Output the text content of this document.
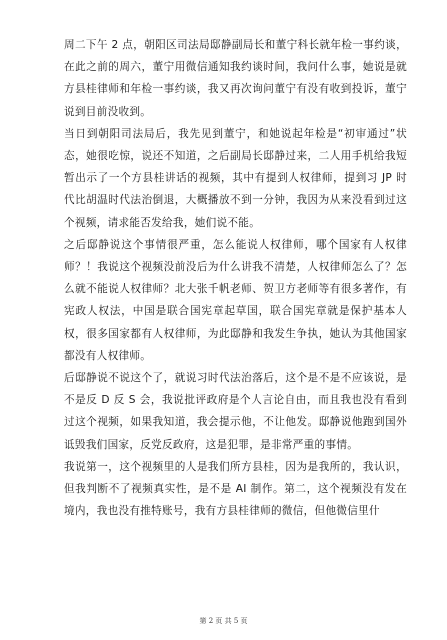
周二下午 2 点，朝阳区司法局邸静副局长和董宁科长就年检一事约谈，在此之前的周六，董宁用微信通知我约谈时间，我问什么事，她说是就方县桂律师和年检一事约谈，我又再次询问董宁有没有收到投诉，董宁说到目前没收到。

当日到朝阳司法局后，我先见到董宁，和她说起年检是“初审通过”状态，她很吃惊，说还不知道，之后副局长邸静过来，二人用手机给我短暂出示了一个方县桂讲话的视频，其中有提到人权律师，提到习 JP 时代比胡温时代法治倒退，大概播放不到一分钟，我因为从来没看到过这个视频，请求能否发给我，她们说不能。

之后邸静说这个事情很严重，怎么能说人权律师，哪个国家有人权律师？！我说这个视频没前没后为什么讲我不清楚，人权律师怎么了？怎么就不能说人权律师？北大张千帆老师、贺卫方老师等有很多著作，有宪政人权法，中国是联合国宪章起草国，联合国宪章就是保护基本人权，很多国家都有人权律师，为此邸静和我发生争执，她认为其他国家都没有人权律师。

后邸静说不说这个了，就说习时代法治落后，这个是不是不应该说，是不是反 D 反 S 会，我说批评政府是个人言论自由，而且我也没有看到过这个视频，如果我知道，我会提示他，不让他发。邸静说他跑到国外诋毁我们国家，反党反政府，这是犯罪，是非常严重的事情。

我说第一，这个视频里的人是我们所方县桂，因为是我所的，我认识，但我判断不了视频真实性，是不是 AI 制作。第二，这个视频没有发在境内，我也没有推特账号，我有方县桂律师的微信，但他微信里什

第 2 页 共 5 页
